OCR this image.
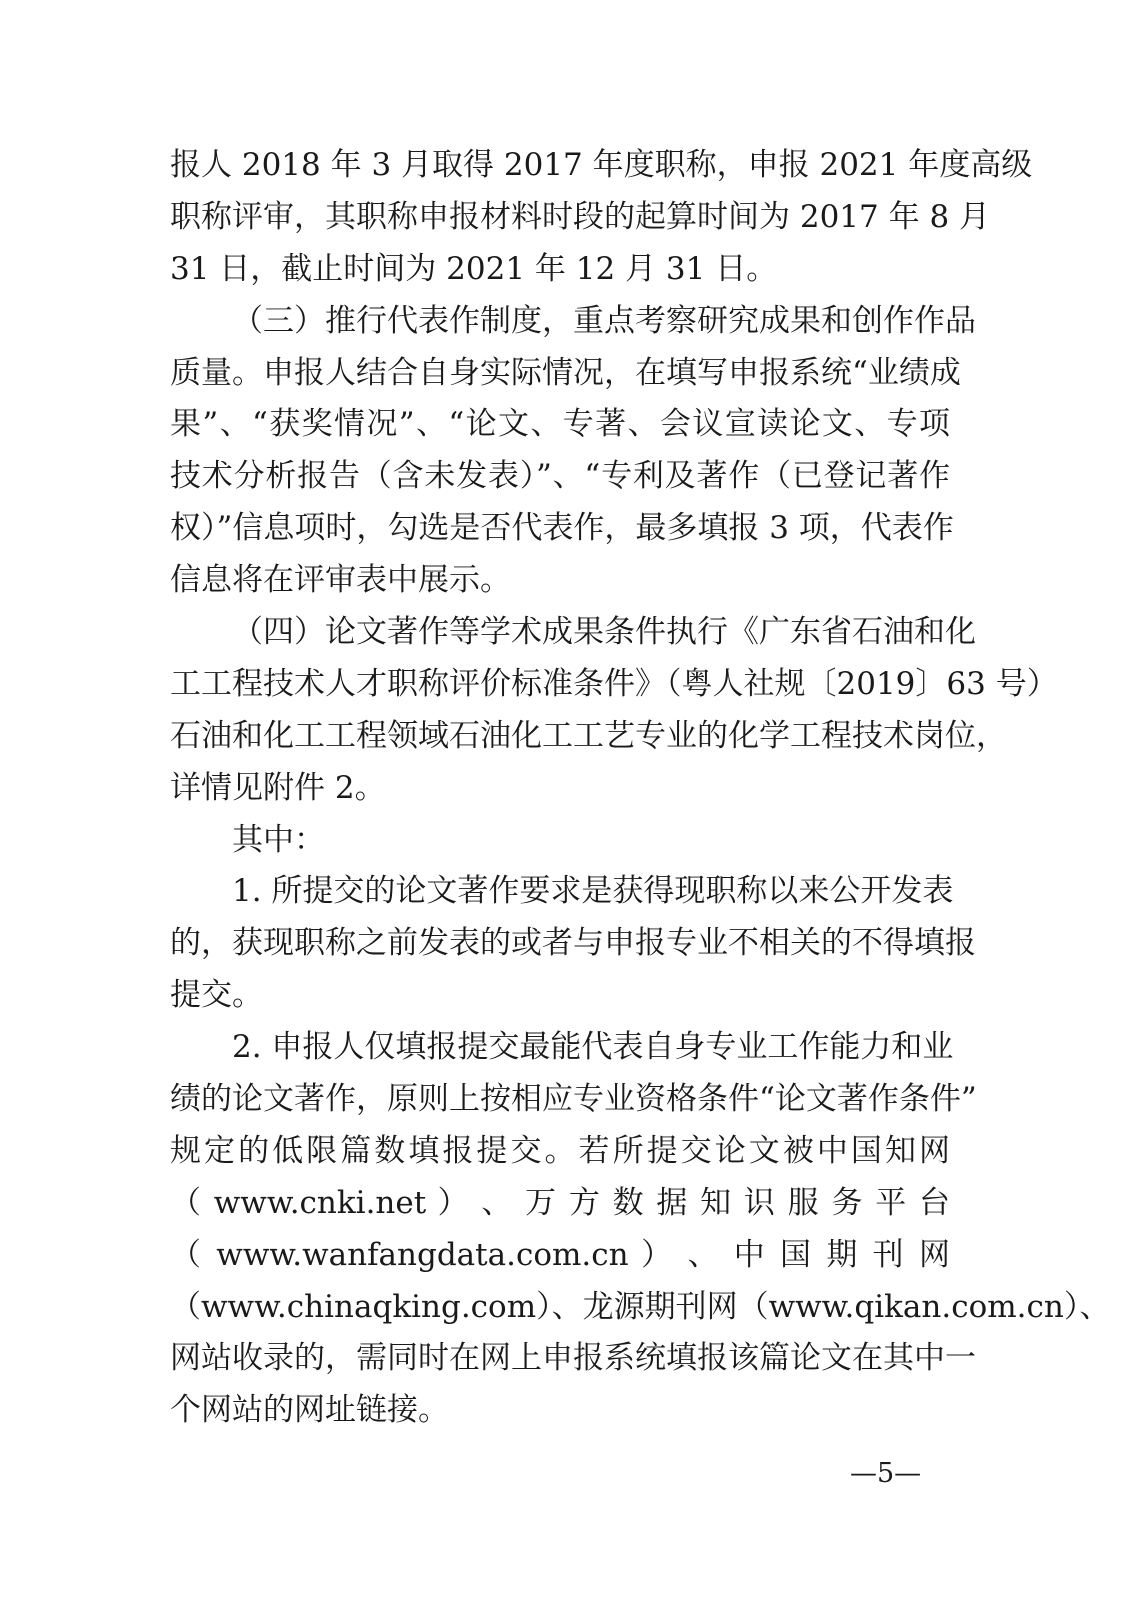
报人 2018 年 3 月取得 2017 年度职称，申报 2021 年度高级
职称评审，其职称申报材料时段的起算时间为 2017 年 8 月
31 日，截止时间为 2021 年 12 月 31 日。
（三）推行代表作制度，重点考察研究成果和创作作品
质量。申报人结合自身实际情况，在填写申报系统“业绩成
果”、“获奖情况”、“论文、专著、会议宣读论文、专项
技术分析报告（含未发表）”、“专利及著作（已登记著作
权）”信息项时，勾选是否代表作，最多填报 3 项，代表作
信息将在评审表中展示。
（四）论文著作等学术成果条件执行《广东省石油和化
工工程技术人才职称评价标准条件》（粤人社规〔2019〕63 号）
石油和化工工程领域石油化工工艺专业的化学工程技术岗位，
详情见附件 2。
其中：
1. 所提交的论文著作要求是获得现职称以来公开发表
的，获现职称之前发表的或者与申报专业不相关的不得填报
提交。
2. 申报人仅填报提交最能代表自身专业工作能力和业
绩的论文著作，原则上按相应专业资格条件“论文著作条件”
规定的低限篇数填报提交。若所提交论文被中国知网
（ www.cnki.net ） 、 万 方 数 据 知 识 服 务 平 台
（ www.wanfangdata.com.cn ） 、 中 国 期 刊 网
（www.chinaqking.com）、龙源期刊网（www.qikan.com.cn）、
网站收录的，需同时在网上申报系统填报该篇论文在其中一
个网站的网址链接。
—5—
